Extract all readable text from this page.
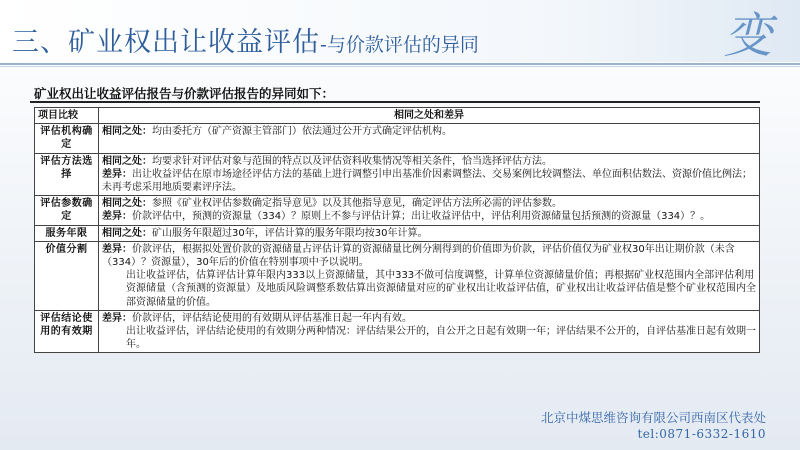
三、矿业权出让收益评估-与价款评估的异同	变
矿业权出让收益评估报告与价款评估报告的异同如下：
项目比较	相同之处和差异
评估机构确定	相同之处：均由委托方（矿产资源主管部门）依法通过公开方式确定评估机构。

评估方法选择	相同之处：均要求针对评估对象与范围的特点以及评估资料收集情况等相关条件，恰当选择评估方法。
差异：出让收益评估在原市场途径评估方法的基础上进行调整引申出基准价因素调整法、交易案例比较调整法、单位面积估数法、资源价值比例法；未再考虑采用地质要素评序法。

评估参数确定	相同之处：参照《矿业权评估参数确定指导意见》以及其他指导意见，确定评估方法所必需的评估参数。
差异：价款评估中，预测的资源量（334）？原则上不参与评估计算；出让收益评估中，评估利用资源储量包括预测的资源量（334）？。

服务年限	相同之处：矿山服务年限超过30年，评估计算的服务年限均按30年计算。

价值分割	差异：价款评估，根据拟处置价款的资源储量占评估计算的资源储量比例分割得到的价值即为价款，评估价值仅为矿业权30年出让期价款（未含（334）？资源量），30年后的价值在特别事项中予以说明。
出让收益评估，估算评估计算年限内333以上资源储量，其中333不做可信度调整，计算单位资源储量价值；再根据矿业权范围内全部评估利用资源储量（含预测的资源量）及地质风险调整系数估算出资源储量对应的矿业权出让收益评估值，矿业权出让收益评估值是整个矿业权范围内全部资源储量的价值。

评估结论使用的有效期	差异：价款评估，评估结论使用的有效期从评估基准日起一年内有效。
出让收益评估，评估结论使用的有效期分两种情况：评估结果公开的，自公开之日起有效期一年；评估结果不公开的，自评估基准日起有效期一年。
北京中煤思维咨询有限公司西南区代表处
tel:0871-6332-1610
